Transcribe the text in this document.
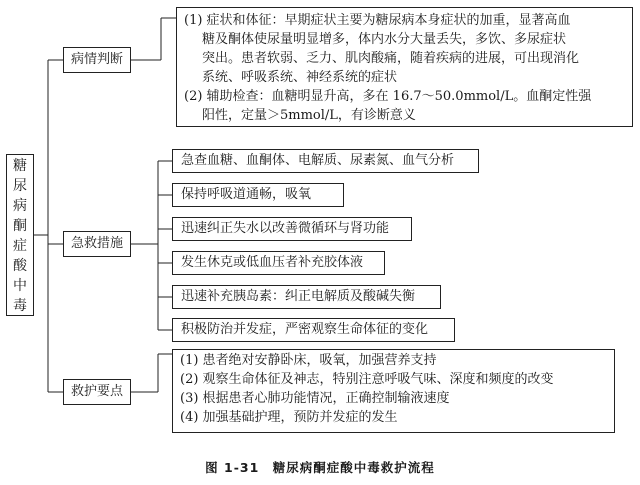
糖
尿
病
酮
症
酸
中
毒
病情判断
急救措施
救护要点
(1) 症状和体征：早期症状主要为糖尿病本身症状的加重，显著高血
糖及酮体使尿量明显增多，体内水分大量丢失，多饮、多尿症状
突出。患者软弱、乏力、肌肉酸痛，随着疾病的进展，可出现消化
系统、呼吸系统、神经系统的症状
(2) 辅助检查：血糖明显升高，多在 16.7～50.0mmol/L。血酮定性强
阳性，定量＞5mmol/L，有诊断意义
急查血糖、血酮体、电解质、尿素氮、血气分析
保持呼吸道通畅，吸氧
迅速纠正失水以改善微循环与肾功能
发生休克或低血压者补充胶体液
迅速补充胰岛素：纠正电解质及酸碱失衡
积极防治并发症，严密观察生命体征的变化
(1) 患者绝对安静卧床，吸氧，加强营养支持
(2) 观察生命体征及神志，特别注意呼吸气味、深度和频度的改变
(3) 根据患者心肺功能情况，正确控制输液速度
(4) 加强基础护理，预防并发症的发生
图 1-31　糖尿病酮症酸中毒救护流程
